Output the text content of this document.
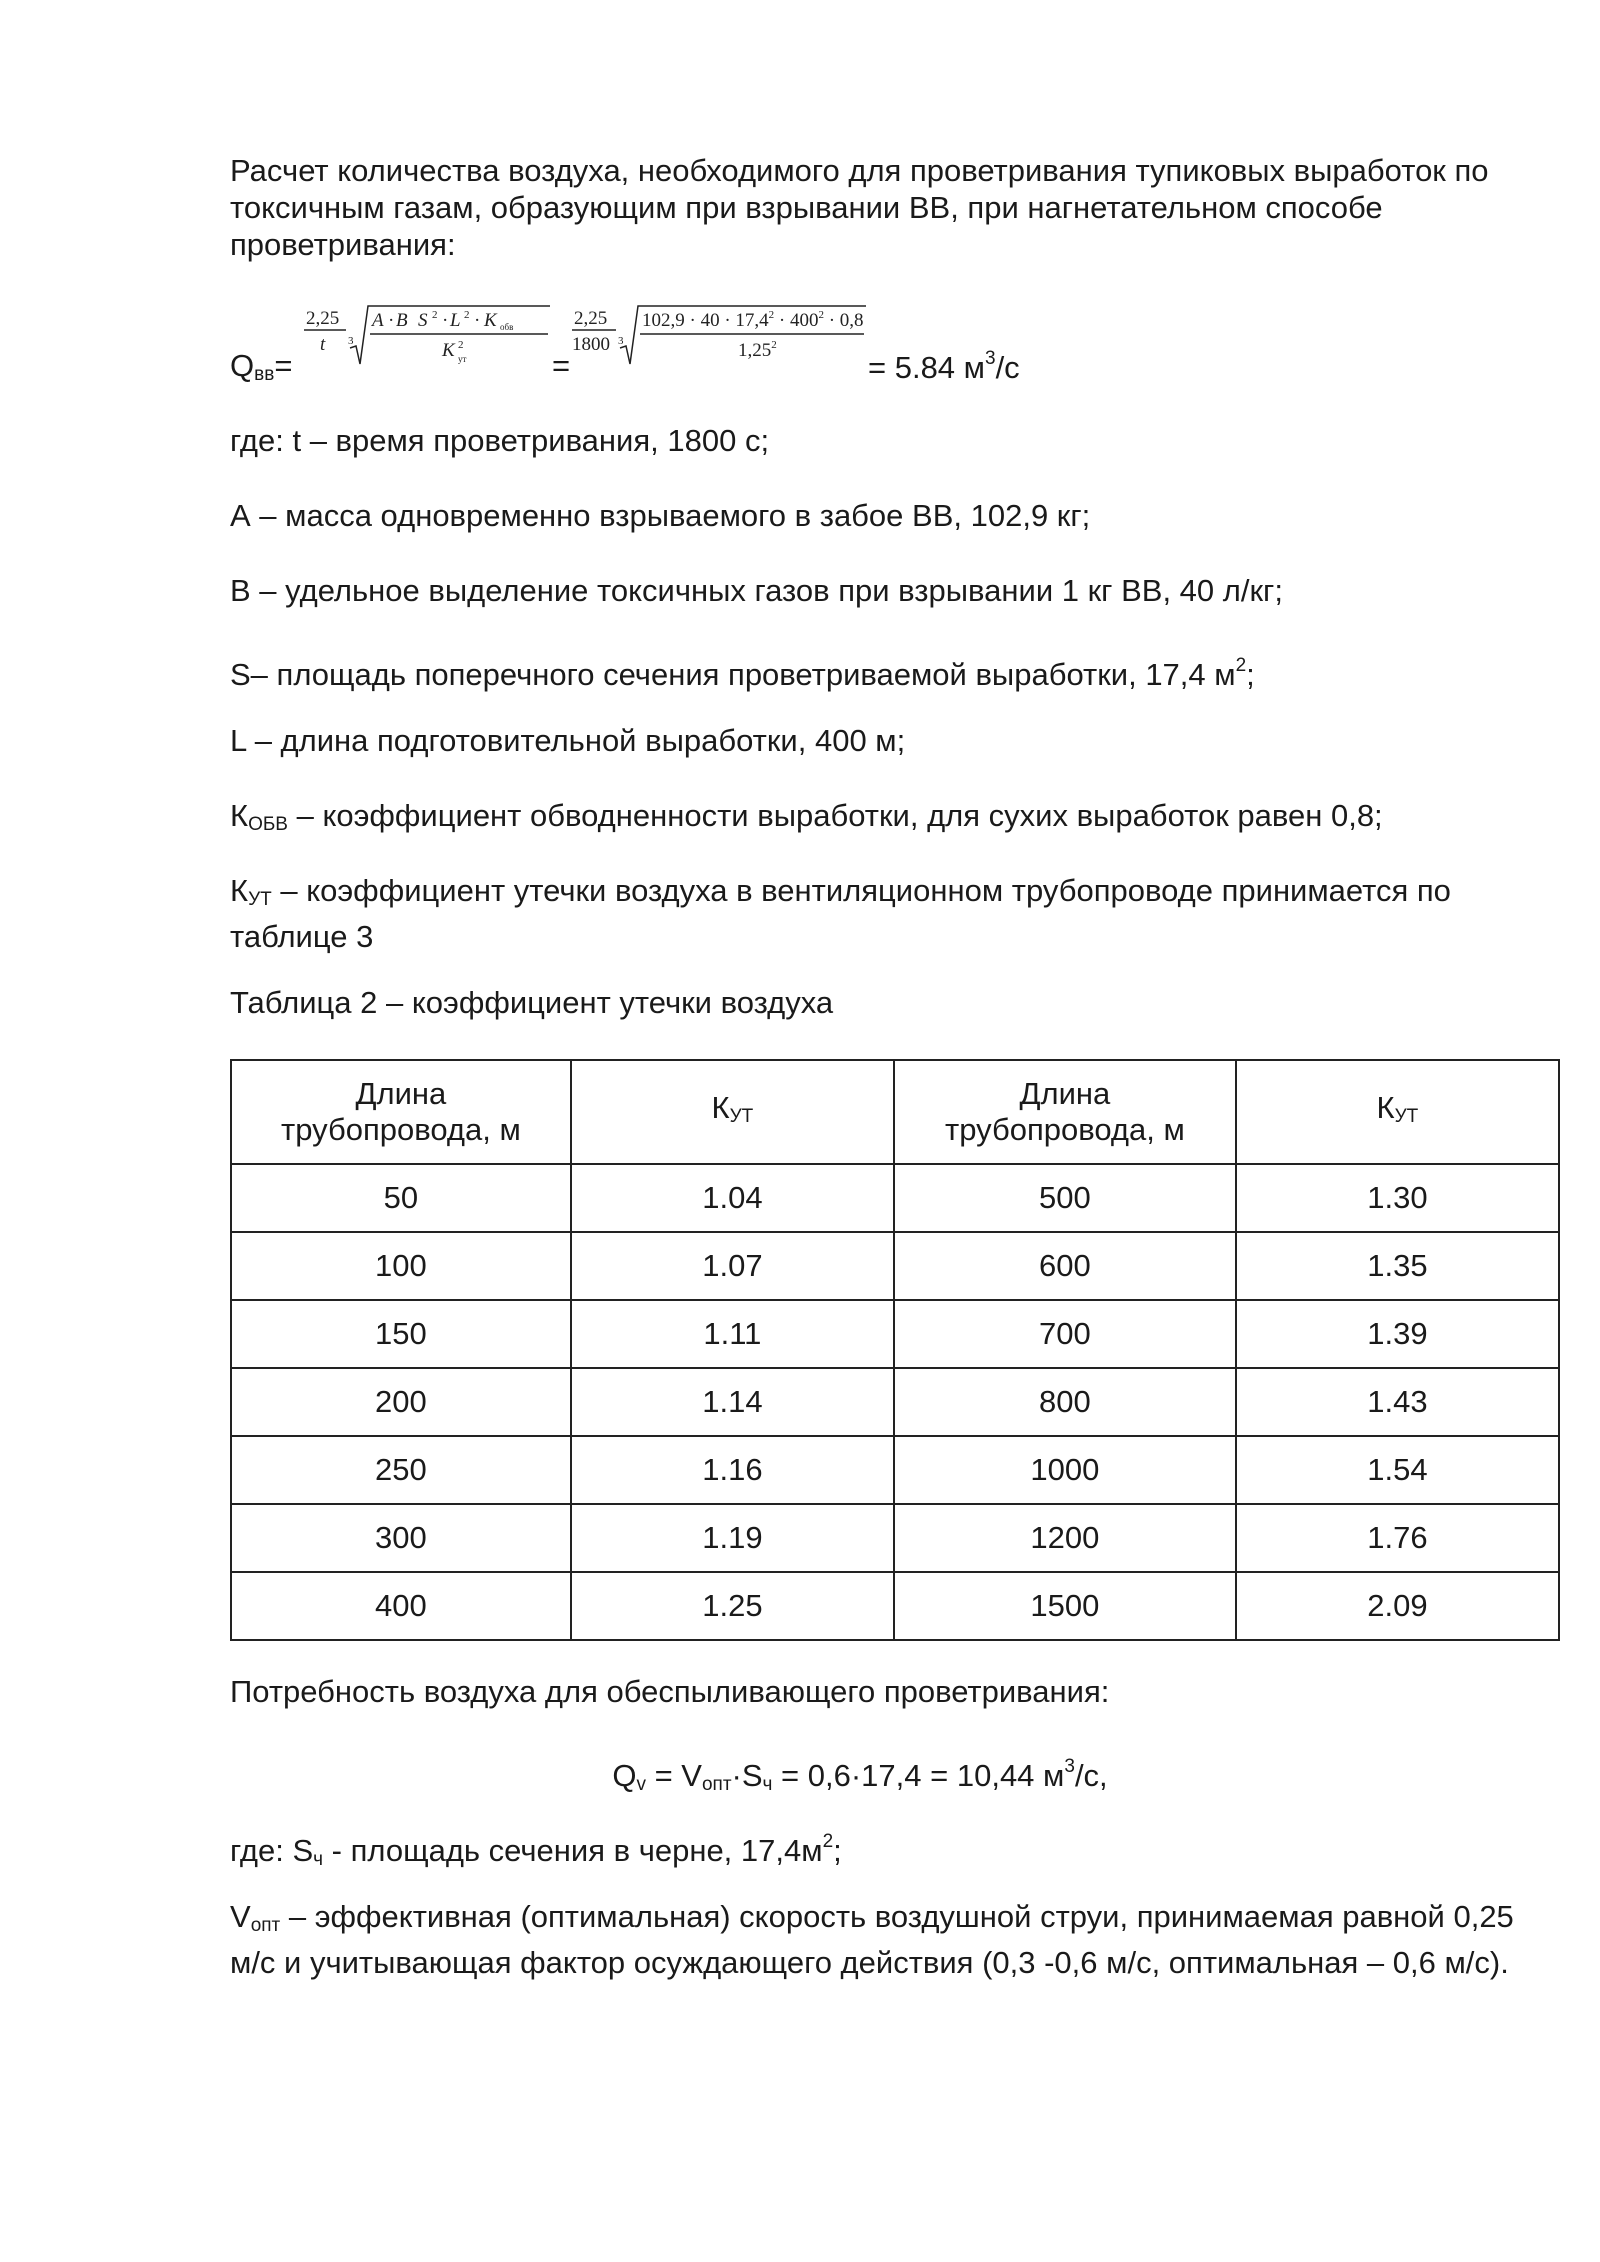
Расчет количества воздуха, необходимого для проветривания тупиковых выработок по токсичным газам, образующим при взрывании ВВ, при нагнетательном способе проветривания:

$Q_{вв}=$
2,25
t 3
A · B S 2 · L 2 · K обв
K 2
ут	=
2,25
1800 3
$102,9 \cdot 40 \cdot 17,4^2 \cdot 400^2 \cdot 0,8$
$1,25^2$
= 5.84 $м^3/с$

где: t – время проветривания, 1800 с;

А – масса одновременно взрываемого в забое ВВ, 102,9 кг;

В – удельное выделение токсичных газов при взрывании 1 кг ВВ, 40 л/кг;

S– площадь поперечного сечения проветриваемой выработки, 17,4 $м^2$;

L – длина подготовительной выработки, 400 м;

$К_{ОБВ}$ – коэффициент обводненности выработки, для сухих выработок равен 0,8;

$К_{УТ}$ – коэффициент утечки воздуха в вентиляционном трубопроводе принимается по таблице 3

Таблица 2 – коэффициент утечки воздуха

Длина трубопровода, м	$К_{УТ}$	Длина трубопровода, м	$К_{УТ}$
50	1.04	500	1.30
100	1.07	600	1.35
150	1.11	700	1.39
200	1.14	800	1.43
250	1.16	1000	1.54
300	1.19	1200	1.76
400	1.25	1500	2.09

Потребность воздуха для обеспыливающего проветривания:

$Q_v = V_{опт}\cdot S_ч = 0,6\cdot 17,4 = 10,44$ $м^3/с$,

где: $S_ч$ - площадь сечения в черне, $17,4м^2$;

$V_{опт}$ – эффективная (оптимальная) скорость воздушной струи, принимаемая равной 0,25 м/с и учитывающая фактор осуждающего действия (0,3 -0,6 м/с, оптимальная – 0,6 м/с).
